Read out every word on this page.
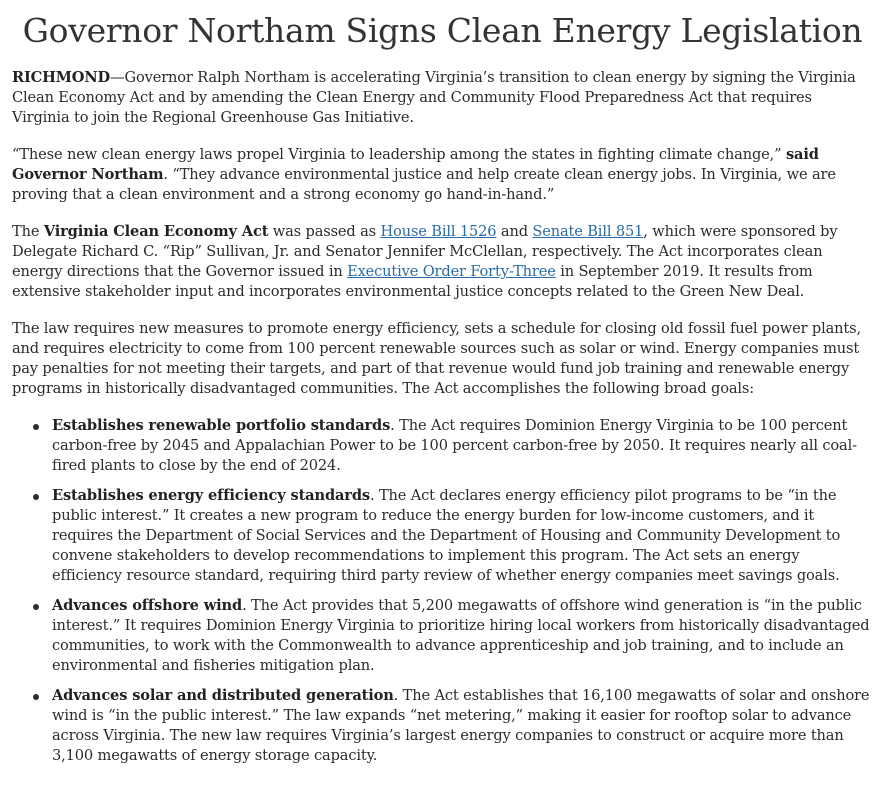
Governor Northam Signs Clean Energy Legislation

RICHMOND—Governor Ralph Northam is accelerating Virginia’s transition to clean energy by signing the Virginia Clean Economy Act and by amending the Clean Energy and Community Flood Preparedness Act that requires Virginia to join the Regional Greenhouse Gas Initiative.

“These new clean energy laws propel Virginia to leadership among the states in fighting climate change,” said Governor Northam. “They advance environmental justice and help create clean energy jobs. In Virginia, we are proving that a clean environment and a strong economy go hand-in-hand.”

The Virginia Clean Economy Act was passed as House Bill 1526 and Senate Bill 851, which were sponsored by Delegate Richard C. “Rip” Sullivan, Jr. and Senator Jennifer McClellan, respectively. The Act incorporates clean energy directions that the Governor issued in Executive Order Forty-Three in September 2019. It results from extensive stakeholder input and incorporates environmental justice concepts related to the Green New Deal.

The law requires new measures to promote energy efficiency, sets a schedule for closing old fossil fuel power plants, and requires electricity to come from 100 percent renewable sources such as solar or wind. Energy companies must pay penalties for not meeting their targets, and part of that revenue would fund job training and renewable energy programs in historically disadvantaged communities. The Act accomplishes the following broad goals:

Establishes renewable portfolio standards. The Act requires Dominion Energy Virginia to be 100 percent carbon-free by 2045 and Appalachian Power to be 100 percent carbon-free by 2050. It requires nearly all coal-fired plants to close by the end of 2024.
Establishes energy efficiency standards. The Act declares energy efficiency pilot programs to be “in the public interest.” It creates a new program to reduce the energy burden for low-income customers, and it requires the Department of Social Services and the Department of Housing and Community Development to convene stakeholders to develop recommendations to implement this program. The Act sets an energy efficiency resource standard, requiring third party review of whether energy companies meet savings goals.
Advances offshore wind. The Act provides that 5,200 megawatts of offshore wind generation is “in the public interest.” It requires Dominion Energy Virginia to prioritize hiring local workers from historically disadvantaged communities, to work with the Commonwealth to advance apprenticeship and job training, and to include an environmental and fisheries mitigation plan.
Advances solar and distributed generation. The Act establishes that 16,100 megawatts of solar and onshore wind is “in the public interest.” The law expands “net metering,” making it easier for rooftop solar to advance across Virginia. The new law requires Virginia’s largest energy companies to construct or acquire more than 3,100 megawatts of energy storage capacity.
